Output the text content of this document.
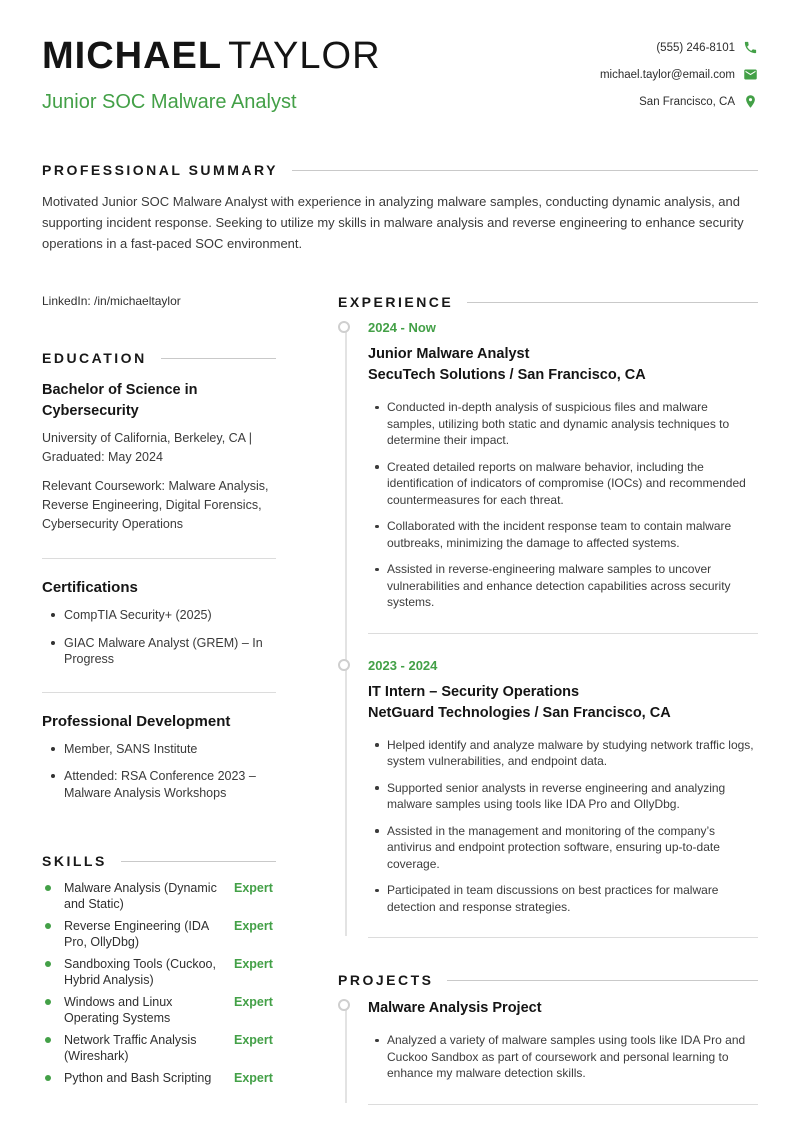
MICHAEL TAYLOR
Junior SOC Malware Analyst
(555) 246-8101
michael.taylor@email.com
San Francisco, CA
PROFESSIONAL SUMMARY

Motivated Junior SOC Malware Analyst with experience in analyzing malware samples, conducting dynamic analysis, and supporting incident response. Seeking to utilize my skills in malware analysis and reverse engineering to enhance security operations in a fast-paced SOC environment.

LinkedIn: /in/michaeltaylor
EDUCATION
Bachelor of Science in Cybersecurity
University of California, Berkeley, CA | Graduated: May 2024
Relevant Coursework: Malware Analysis, Reverse Engineering, Digital Forensics, Cybersecurity Operations
Certifications
CompTIA Security+ (2025)
GIAC Malware Analyst (GREM) – In Progress
Professional Development
Member, SANS Institute
Attended: RSA Conference 2023 – Malware Analysis Workshops
SKILLS
Malware Analysis (Dynamic and Static)
Expert
Reverse Engineering (IDA Pro, OllyDbg)
Expert
Sandboxing Tools (Cuckoo, Hybrid Analysis)
Expert
Windows and Linux Operating Systems
Expert
Network Traffic Analysis (Wireshark)
Expert
Python and Bash Scripting	Expert
EXPERIENCE
2024 - Now
Junior Malware Analyst
SecuTech Solutions / San Francisco, CA
Conducted in-depth analysis of suspicious files and malware samples, utilizing both static and dynamic analysis techniques to determine their impact.
Created detailed reports on malware behavior, including the identification of indicators of compromise (IOCs) and recommended countermeasures for each threat.
Collaborated with the incident response team to contain malware outbreaks, minimizing the damage to affected systems.
Assisted in reverse-engineering malware samples to uncover vulnerabilities and enhance detection capabilities across security systems.
2023 - 2024
IT Intern – Security Operations
NetGuard Technologies / San Francisco, CA
Helped identify and analyze malware by studying network traffic logs, system vulnerabilities, and endpoint data.
Supported senior analysts in reverse engineering and analyzing malware samples using tools like IDA Pro and OllyDbg.
Assisted in the management and monitoring of the company’s antivirus and endpoint protection software, ensuring up-to-date coverage.
Participated in team discussions on best practices for malware detection and response strategies.
PROJECTS
Malware Analysis Project
Analyzed a variety of malware samples using tools like IDA Pro and Cuckoo Sandbox as part of coursework and personal learning to enhance my malware detection skills.
